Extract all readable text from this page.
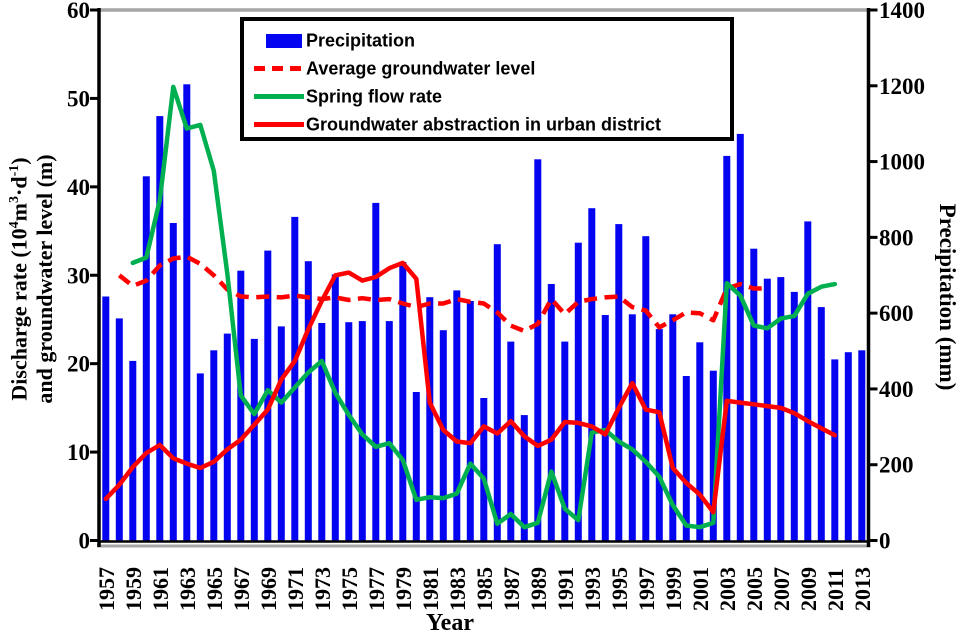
0
10
20
30
40
50
60
0
200
400
600
800
1000
1200
1400
1957 1959 1961 1963 1965 1967 1969 1971 1973 1975 1977 1979 1981 1983 1985 1987 1989 1991 1993 1995 1997 1999 2001 2003 2005 2007 2009 2011 2013
Precipitation
Average groundwater level
Spring flow rate
Groundwater abstraction in urban district
Discharge rate $(10^4m^3\cdot d^{-1})$ and groundwater level (m)	Precipitation (mm)
Year
